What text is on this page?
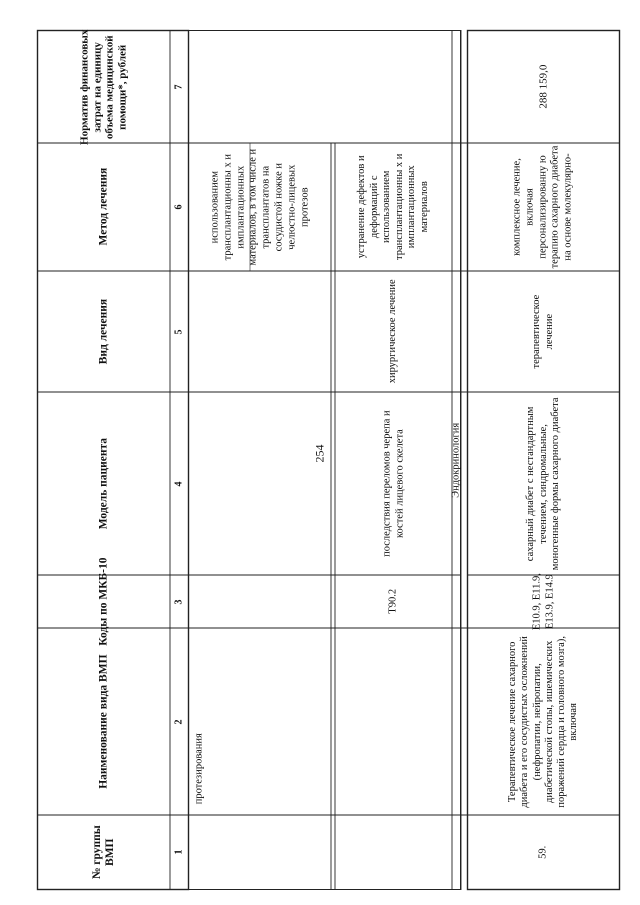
254
№ группы ВМП
Наименование вида ВМП
Коды по МКБ-10
Модель пациента
Вид лечения
Метод лечения
Норматив финансовых затрат на единицу объема медицинской помощи*, рублей
1
2
3
4
5
6
7
протезирования
использованием трансплантационны х и имплантационных материалов, в том числе и трансплантатов на сосудистой ножке и челюстно-лицевых протезов
T90.2
последствия переломов черепа и костей лицевого скелета
хирургическое лечение
устранение дефектов и деформаций с использованием трансплантационны х и имплантационных материалов
Эндокринология
59.
Терапевтическое лечение сахарного диабета и его сосудистых осложнений (нефропатии, нейропатии, диабетической стопы, ишемических поражений сердца и головного мозга), включая
E10.9, E11.9, E13.9, E14.9
сахарный диабет с нестандартным течением, синдромальные, моногенные формы сахарного диабета
терапевтическое лечение
комплексное лечение, включая персонализированну ю терапию сахарного диабета на основе молекулярно-
288 159,0
